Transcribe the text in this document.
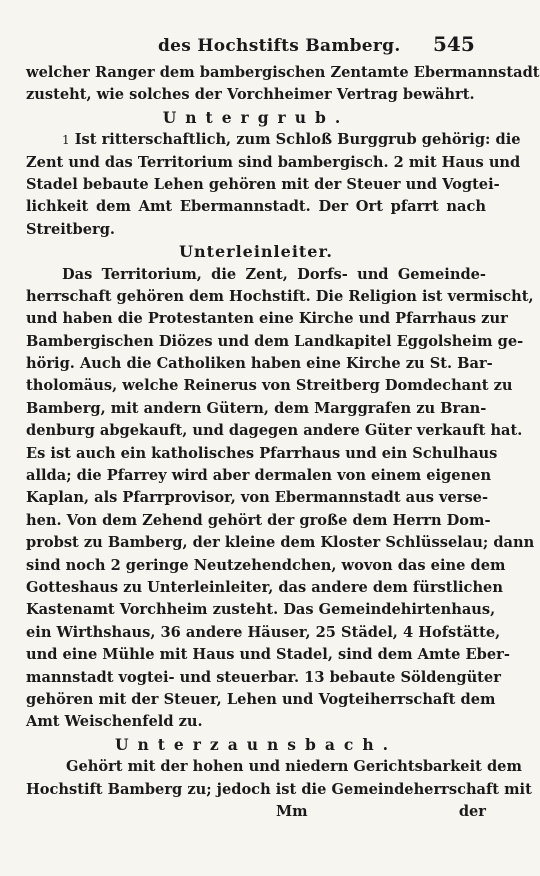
des Hochstifts Bamberg. 545
welcher Ranger dem bambergischen Zentamte Ebermannstadt
zusteht, wie solches der Vorchheimer Vertrag bewährt.
Untergrub.
1 Ist ritterschaftlich, zum Schloß Burggrub gehörig: die
Zent und das Territorium sind bambergisch. 2 mit Haus und
Stadel bebaute Lehen gehören mit der Steuer und Vogtei-
lichkeit dem Amt Ebermannstadt. Der Ort pfarrt nach
Streitberg.
Unterleinleiter.
Das Territorium, die Zent, Dorfs- und Gemeinde-
herrschaft gehören dem Hochstift. Die Religion ist vermischt,
und haben die Protestanten eine Kirche und Pfarrhaus zur
Bambergischen Diözes und dem Landkapitel Eggolsheim ge-
hörig. Auch die Catholiken haben eine Kirche zu St. Bar-
tholomäus, welche Reinerus von Streitberg Domdechant zu
Bamberg, mit andern Gütern, dem Marggrafen zu Bran-
denburg abgekauft, und dagegen andere Güter verkauft hat.
Es ist auch ein katholisches Pfarrhaus und ein Schulhaus
allda; die Pfarrey wird aber dermalen von einem eigenen
Kaplan, als Pfarrprovisor, von Ebermannstadt aus verse-
hen. Von dem Zehend gehört der große dem Herrn Dom-
probst zu Bamberg, der kleine dem Kloster Schlüsselau; dann
sind noch 2 geringe Neutzehendchen, wovon das eine dem
Gotteshaus zu Unterleinleiter, das andere dem fürstlichen
Kastenamt Vorchheim zusteht. Das Gemeindehirtenhaus,
ein Wirthshaus, 36 andere Häuser, 25 Städel, 4 Hofstätte,
und eine Mühle mit Haus und Stadel, sind dem Amte Eber-
mannstadt vogtei- und steuerbar. 13 bebaute Söldengüter
gehören mit der Steuer, Lehen und Vogteiherrschaft dem
Amt Weischenfeld zu.
Unterzaunsbach.
Gehört mit der hohen und niedern Gerichtsbarkeit dem
Hochstift Bamberg zu; jedoch ist die Gemeindeherrschaft mit
Mm	der
